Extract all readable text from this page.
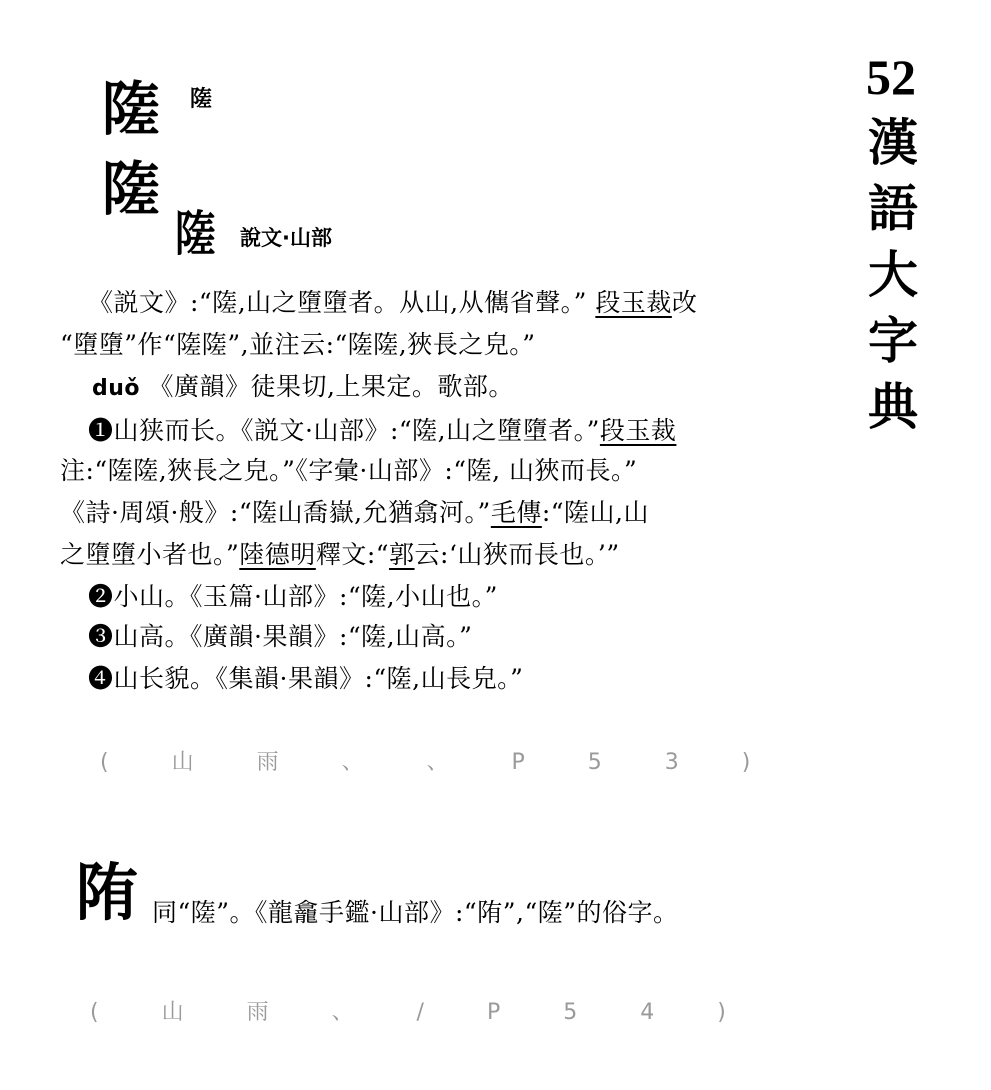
52
漢語大字典
隓 隓
隓
隓 說文·山部
《説文》:“隓,山之墮墮者。从山,从㒞省聲。” 段玉裁改
“墮墮”作“隓隓”,並注云:“隓隓,狹長之皃。”
duǒ 《廣韻》徒果切,上果定。歌部。
❶山狭而长。《説文·山部》:“隓,山之墮墮者。”段玉裁
注:“隓隓,狹長之皃。”《字彙·山部》:“隓, 山狹而長。”
《詩·周頌·般》:“隓山喬嶽,允猶翕河。”毛傳:“隓山,山
之墮墮小者也。”陸德明釋文:“郭云:‘山狹而長也。’”
❷小山。《玉篇·山部》:“隓,小山也。”
❸山高。《廣韻·果韻》:“隓,山高。”
❹山长貌。《集韻·果韻》:“隓,山長皃。”
( 山 雨 、 、 P 5 3 )
陏 同“隓”。《龍龕手鑑·山部》:“陏”,“隓”的俗字。
( 山 雨 、 / P 5 4 )
